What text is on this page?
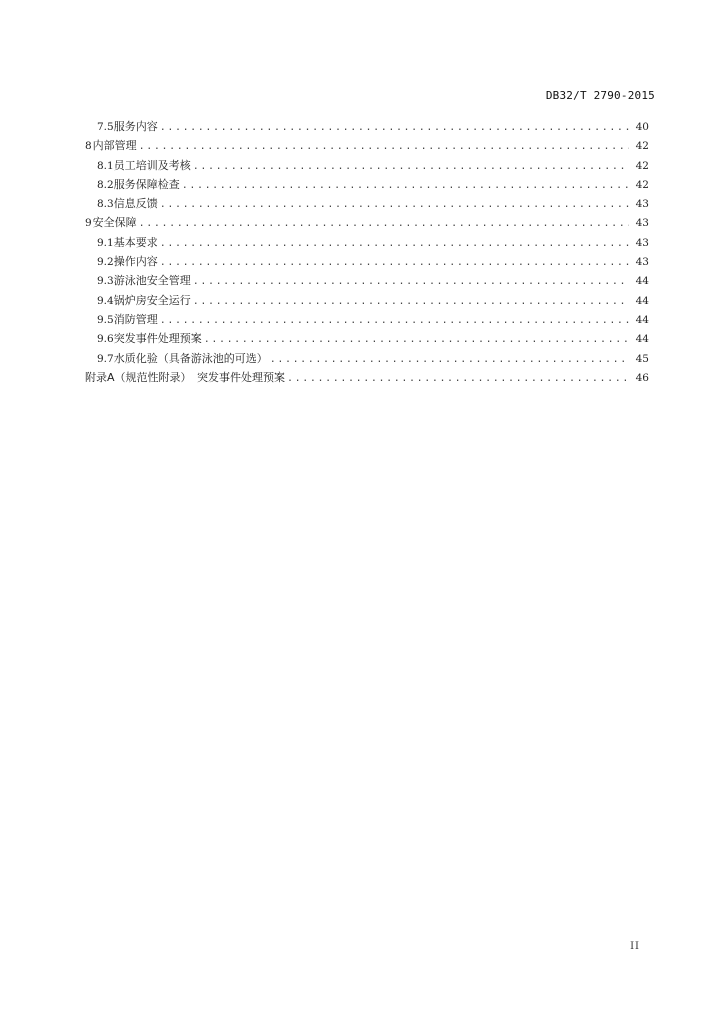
DB32/T 2790-2015
7.5 服务内容 .....	40
8 内部管理 .....	42
8.1 员工培训及考核 .....	42
8.2 服务保障检查 .....	42
8.3 信息反馈 .....	43
9 安全保障 .....	43
9.1 基本要求 .....	43
9.2 操作内容 .....	43
9.3 游泳池安全管理 .....	44
9.4 锅炉房安全运行 .....	44
9.5 消防管理 .....	44
9.6 突发事件处理预案 .....	44
9.7 水质化验（具备游泳池的可选） .....	45
附录A（规范性附录）　突发事件处理预案 .....	46
II
